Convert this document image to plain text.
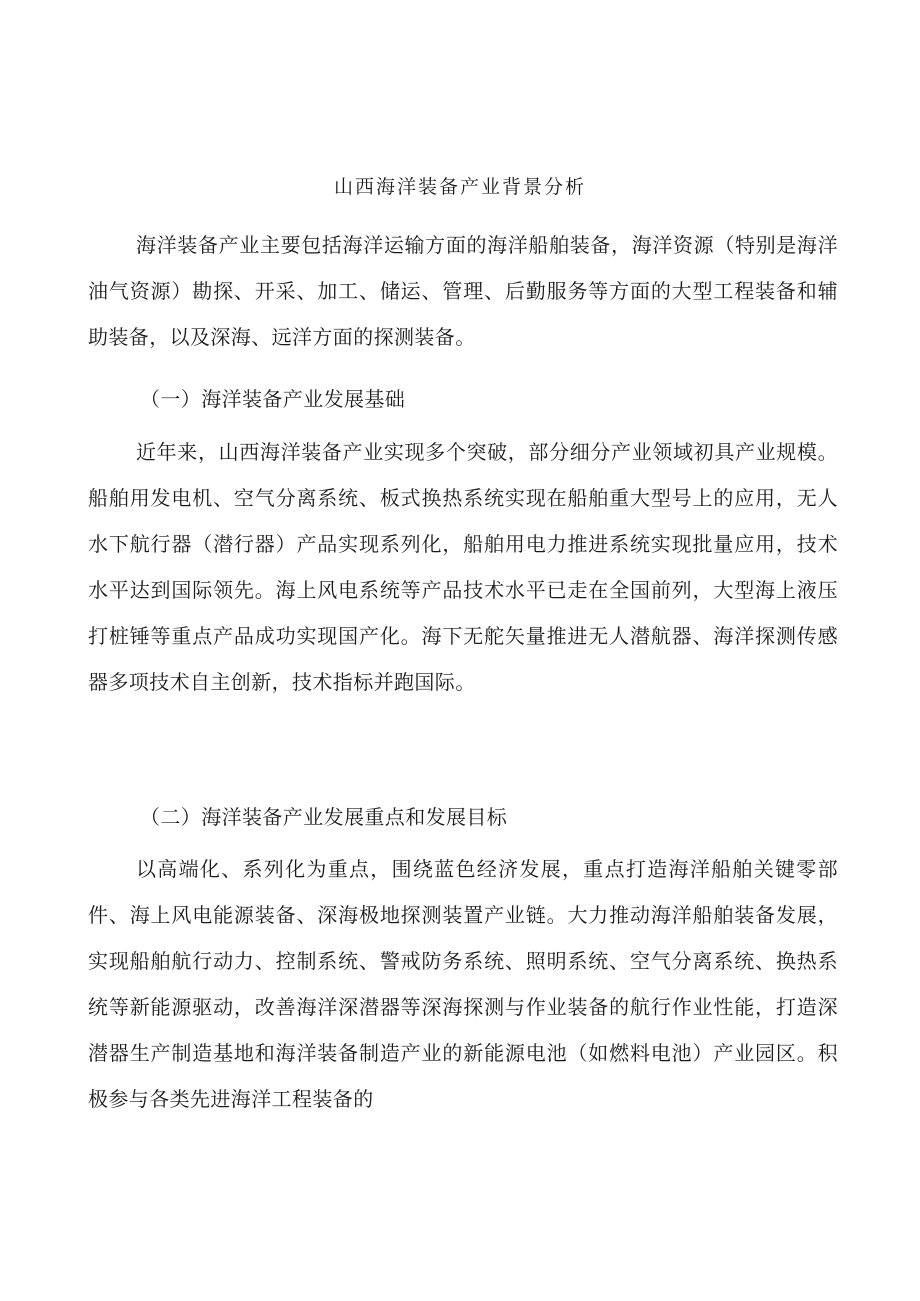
山西海洋装备产业背景分析
海洋装备产业主要包括海洋运输方面的海洋船舶装备，海洋资源（特别是海洋油气资源）勘探、开采、加工、储运、管理、后勤服务等方面的大型工程装备和辅助装备，以及深海、远洋方面的探测装备。
（一）海洋装备产业发展基础
近年来，山西海洋装备产业实现多个突破，部分细分产业领域初具产业规模。船舶用发电机、空气分离系统、板式换热系统实现在船舶重大型号上的应用，无人水下航行器（潜行器）产品实现系列化，船舶用电力推进系统实现批量应用，技术水平达到国际领先。海上风电系统等产品技术水平已走在全国前列，大型海上液压打桩锤等重点产品成功实现国产化。海下无舵矢量推进无人潜航器、海洋探测传感器多项技术自主创新，技术指标并跑国际。
（二）海洋装备产业发展重点和发展目标
以高端化、系列化为重点，围绕蓝色经济发展，重点打造海洋船舶关键零部件、海上风电能源装备、深海极地探测装置产业链。大力推动海洋船舶装备发展，实现船舶航行动力、控制系统、警戒防务系统、照明系统、空气分离系统、换热系统等新能源驱动，改善海洋深潜器等深海探测与作业装备的航行作业性能，打造深潜器生产制造基地和海洋装备制造产业的新能源电池（如燃料电池）产业园区。积极参与各类先进海洋工程装备的
